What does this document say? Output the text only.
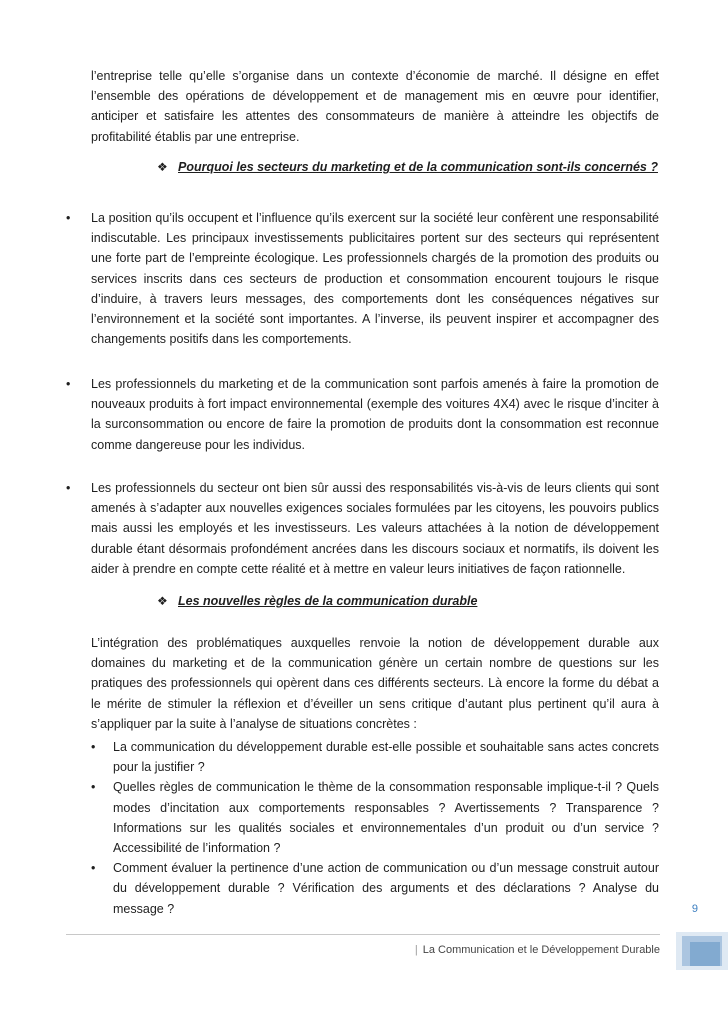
l’entreprise telle qu’elle s’organise dans un contexte d’économie de marché. Il désigne en effet l’ensemble des opérations de développement et de management mis en œuvre pour identifier, anticiper et satisfaire les attentes des consommateurs de manière à atteindre les objectifs de profitabilité établis par une entreprise.

❖ Pourquoi les secteurs du marketing et de la communication sont-ils concernés ?
• La position qu’ils occupent et l’influence qu’ils exercent sur la société leur confèrent une responsabilité indiscutable. Les principaux investissements publicitaires portent sur des secteurs qui représentent une forte part de l’empreinte écologique. Les professionnels chargés de la promotion des produits ou services inscrits dans ces secteurs de production et consommation encourent toujours le risque d’induire, à travers leurs messages, des comportements dont les conséquences négatives sur l’environnement et la société sont importantes. A l’inverse, ils peuvent inspirer et accompagner des changements positifs dans les comportements.

• Les professionnels du marketing et de la communication sont parfois amenés à faire la promotion de nouveaux produits à fort impact environnemental (exemple des voitures 4X4) avec le risque d’inciter à la surconsommation ou encore de faire la promotion de produits dont la consommation est reconnue comme dangereuse pour les individus.

• Les professionnels du secteur ont bien sûr aussi des responsabilités vis-à-vis de leurs clients qui sont amenés à s’adapter aux nouvelles exigences sociales formulées par les citoyens, les pouvoirs publics mais aussi les employés et les investisseurs. Les valeurs attachées à la notion de développement durable étant désormais profondément ancrées dans les discours sociaux et normatifs, ils doivent les aider à prendre en compte cette réalité et à mettre en valeur leurs initiatives de façon rationnelle.

❖ Les nouvelles règles de la communication durable

L’intégration des problématiques auxquelles renvoie la notion de développement durable aux domaines du marketing et de la communication génère un certain nombre de questions sur les pratiques des professionnels qui opèrent dans ces différents secteurs. Là encore la forme du débat a le mérite de stimuler la réflexion et d’éveiller un sens critique d’autant plus pertinent qu’il aura à s’appliquer par la suite à l’analyse de situations concrètes :

• La communication du développement durable est-elle possible et souhaitable sans actes concrets pour la justifier ?
• Quelles règles de communication le thème de la consommation responsable implique-t-il ? Quels modes d’incitation aux comportements responsables ? Avertissements ? Transparence ? Informations sur les qualités sociales et environnementales d’un produit ou d’un service ? Accessibilité de l’information ?
• Comment évaluer la pertinence d’une action de communication ou d’un message construit autour du développement durable ? Vérification des arguments et des déclarations ? Analyse du message ?	9
| La Communication et le Développement Durable
